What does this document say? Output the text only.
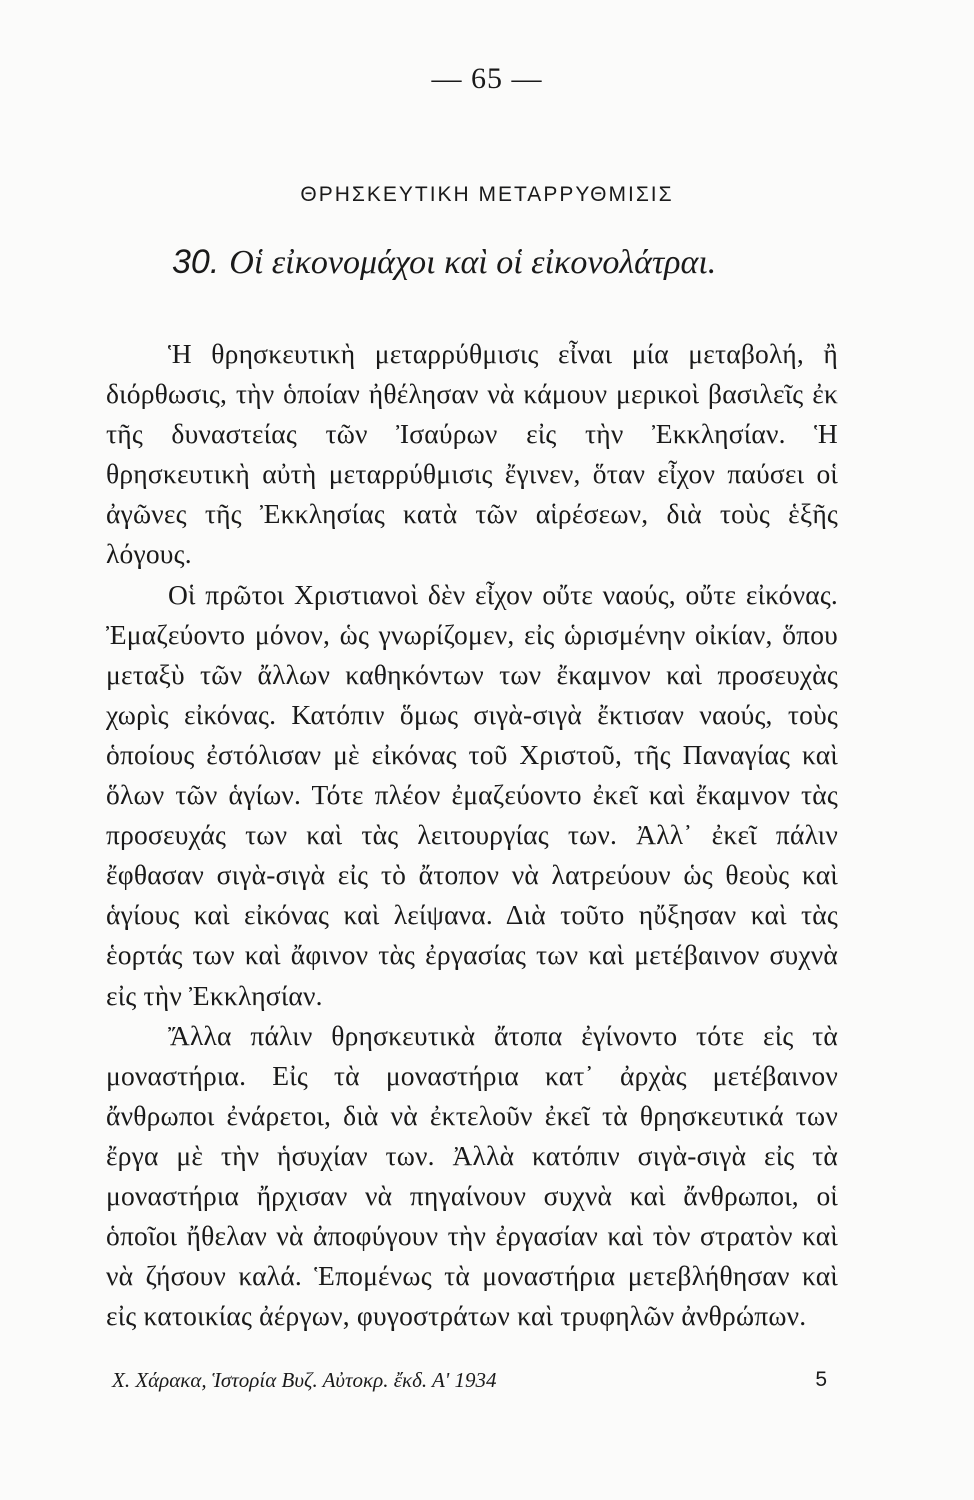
— 65 —
ΘΡΗΣΚΕΥΤΙΚΗ ΜΕΤΑΡΡΥΘΜΙΣΙΣ
30. Οἱ εἰκονομάχοι καὶ οἱ εἰκονολάτραι.

Ἡ θρησκευτικὴ μεταρρύθμισις εἶναι μία μεταβολή, ἢ διόρθωσις, τὴν ὁποίαν ἠθέλησαν νὰ κάμουν μερικοὶ βασιλεῖς ἐκ τῆς δυναστείας τῶν Ἰσαύρων εἰς τὴν Ἐκκλησίαν. Ἡ θρησκευτικὴ αὐτὴ μεταρρύθμισις ἔγινεν, ὅταν εἶχον παύσει οἱ ἀγῶνες τῆς Ἐκκλησίας κατὰ τῶν αἱρέσεων, διὰ τοὺς ἑξῆς λόγους.

Οἱ πρῶτοι Χριστιανοὶ δὲν εἶχον οὔτε ναούς, οὔτε εἰκόνας. Ἐμαζεύοντο μόνον, ὡς γνωρίζομεν, εἰς ὡρισμένην οἰκίαν, ὅπου μεταξὺ τῶν ἄλλων καθηκόντων των ἔκαμνον καὶ προσευχὰς χωρὶς εἰκόνας. Κατόπιν ὅμως σιγὰ-σιγὰ ἔκτισαν ναούς, τοὺς ὁποίους ἐστόλισαν μὲ εἰκόνας τοῦ Χριστοῦ, τῆς Παναγίας καὶ ὅλων τῶν ἁγίων. Τότε πλέον ἐμαζεύοντο ἐκεῖ καὶ ἔκαμνον τὰς προσευχάς των καὶ τὰς λειτουργίας των. Ἀλλ᾽ ἐκεῖ πάλιν ἔφθασαν σιγὰ-σιγὰ εἰς τὸ ἄτοπον νὰ λατρεύουν ὡς θεοὺς καὶ ἁγίους καὶ εἰκόνας καὶ λείψανα. Διὰ τοῦτο ηὔξησαν καὶ τὰς ἑορτάς των καὶ ἄφινον τὰς ἐργασίας των καὶ μετέβαινον συχνὰ εἰς τὴν Ἐκκλησίαν.

Ἄλλα πάλιν θρησκευτικὰ ἄτοπα ἐγίνοντο τότε εἰς τὰ μοναστήρια. Εἰς τὰ μοναστήρια κατ᾽ ἀρχὰς μετέβαινον ἄνθρωποι ἐνάρετοι, διὰ νὰ ἐκτελοῦν ἐκεῖ τὰ θρησκευτικά των ἔργα μὲ τὴν ἡσυχίαν των. Ἀλλὰ κατόπιν σιγὰ-σιγὰ εἰς τὰ μοναστήρια ἤρχισαν νὰ πηγαίνουν συχνὰ καὶ ἄνθρωποι, οἱ ὁποῖοι ἤθελαν νὰ ἀποφύγουν τὴν ἐργασίαν καὶ τὸν στρατὸν καὶ νὰ ζήσουν καλά. Ἑπομένως τὰ μοναστήρια μετεβλήθησαν καὶ εἰς κατοικίας ἀέργων, φυγοστράτων καὶ τρυφηλῶν ἀνθρώπων.

Χ. Χάρακα, Ἱστορία Βυζ. Αὐτοκρ. ἔκδ. Α' 1934	5
